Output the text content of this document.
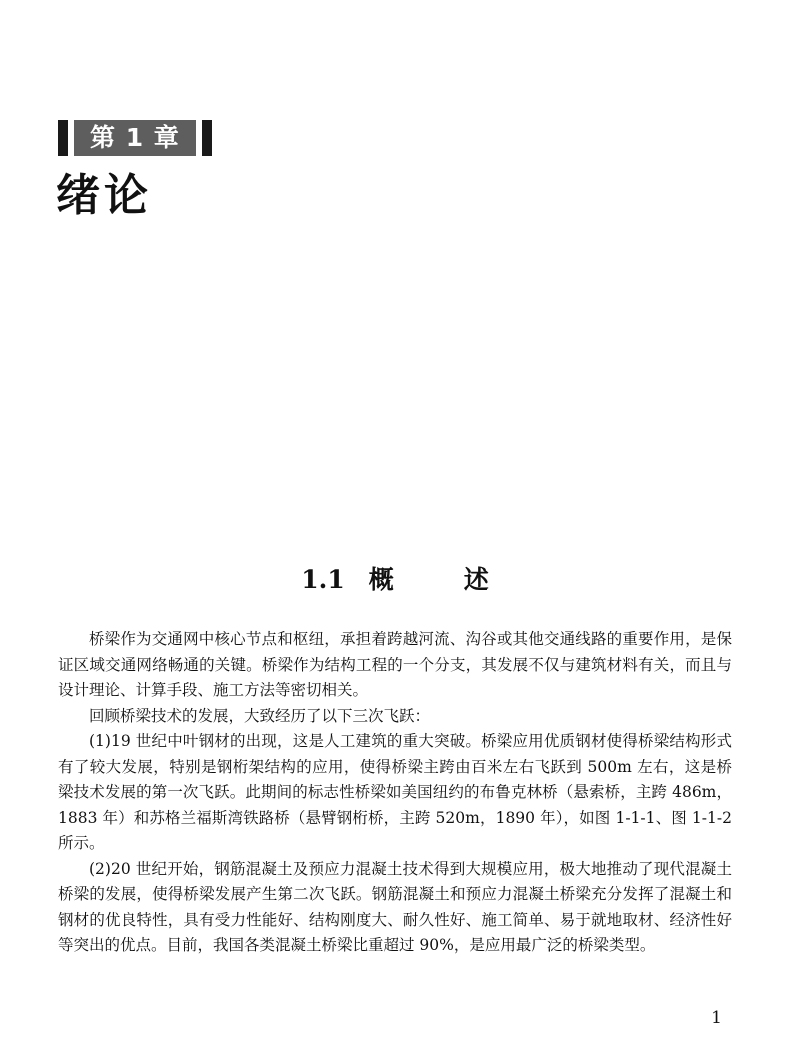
第 1 章
绪论
1.1 概	述

桥梁作为交通网中核心节点和枢纽，承担着跨越河流、沟谷或其他交通线路的重要作用，是保证区域交通网络畅通的关键。桥梁作为结构工程的一个分支，其发展不仅与建筑材料有关，而且与设计理论、计算手段、施工方法等密切相关。

回顾桥梁技术的发展，大致经历了以下三次飞跃：

(1)19 世纪中叶钢材的出现，这是人工建筑的重大突破。桥梁应用优质钢材使得桥梁结构形式有了较大发展，特别是钢桁架结构的应用，使得桥梁主跨由百米左右飞跃到 500m 左右，这是桥梁技术发展的第一次飞跃。此期间的标志性桥梁如美国纽约的布鲁克林桥（悬索桥，主跨 486m，1883 年）和苏格兰福斯湾铁路桥（悬臂钢桁桥，主跨 520m，1890 年），如图 1-1-1、图 1-1-2 所示。

(2)20 世纪开始，钢筋混凝土及预应力混凝土技术得到大规模应用，极大地推动了现代混凝土桥梁的发展，使得桥梁发展产生第二次飞跃。钢筋混凝土和预应力混凝土桥梁充分发挥了混凝土和钢材的优良特性，具有受力性能好、结构刚度大、耐久性好、施工简单、易于就地取材、经济性好等突出的优点。目前，我国各类混凝土桥梁比重超过 90%，是应用最广泛的桥梁类型。

1
